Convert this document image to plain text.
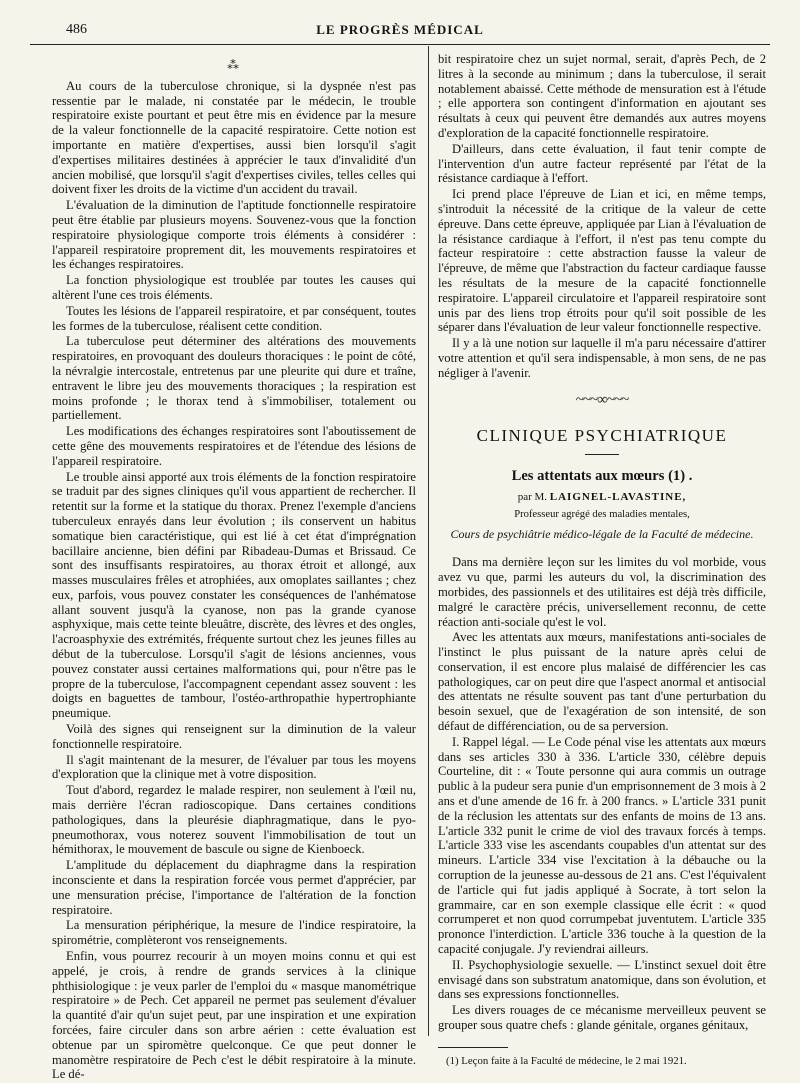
486	LE PROGRÈS MÉDICAL
⁂

Au cours de la tuberculose chronique, si la dyspnée n'est pas ressentie par le malade, ni constatée par le médecin, le trouble respiratoire existe pourtant et peut être mis en évidence par la mesure de la valeur fonctionnelle de la capacité respiratoire. Cette notion est importante en matière d'expertises, aussi bien lorsqu'il s'agit d'expertises militaires destinées à apprécier le taux d'invalidité d'un ancien mobilisé, que lorsqu'il s'agit d'expertises civiles, telles celles qui doivent fixer les droits de la victime d'un accident du travail.

L'évaluation de la diminution de l'aptitude fonctionnelle respiratoire peut être établie par plusieurs moyens. Souvenez-vous que la fonction respiratoire physiologique comporte trois éléments à considérer : l'appareil respiratoire proprement dit, les mouvements respiratoires et les échanges respiratoires.

La fonction physiologique est troublée par toutes les causes qui altèrent l'une ces trois éléments.

Toutes les lésions de l'appareil respiratoire, et par conséquent, toutes les formes de la tuberculose, réalisent cette condition.

La tuberculose peut déterminer des altérations des mouvements respiratoires, en provoquant des douleurs thoraciques : le point de côté, la névralgie intercostale, entretenus par une pleurite qui dure et traîne, entravent le libre jeu des mouvements thoraciques ; la respiration est moins profonde ; le thorax tend à s'immobiliser, totalement ou partiellement.

Les modifications des échanges respiratoires sont l'aboutissement de cette gêne des mouvements respiratoires et de l'étendue des lésions de l'appareil respiratoire.

Le trouble ainsi apporté aux trois éléments de la fonction respiratoire se traduit par des signes cliniques qu'il vous appartient de rechercher. Il retentit sur la forme et la statique du thorax. Prenez l'exemple d'anciens tuberculeux enrayés dans leur évolution ; ils conservent un habitus somatique bien caractéristique, qui est lié à cet état d'imprégnation bacillaire ancienne, bien défini par Ribadeau-Dumas et Brissaud. Ce sont des insuffisants respiratoires, au thorax étroit et allongé, aux masses musculaires frêles et atrophiées, aux omoplates saillantes ; chez eux, parfois, vous pouvez constater les conséquences de l'anhématose allant souvent jusqu'à la cyanose, non pas la grande cyanose asphyxique, mais cette teinte bleuâtre, discrète, des lèvres et des ongles, l'acroasphyxie des extrémités, fréquente surtout chez les jeunes filles au début de la tuberculose. Lorsqu'il s'agit de lésions anciennes, vous pouvez constater aussi certaines malformations qui, pour n'être pas le propre de la tuberculose, l'accompagnent cependant assez souvent : les doigts en baguettes de tambour, l'ostéo-arthropathie hypertrophiante pneumique.

Voilà des signes qui renseignent sur la diminution de la valeur fonctionnelle respiratoire.

Il s'agit maintenant de la mesurer, de l'évaluer par tous les moyens d'exploration que la clinique met à votre disposition.

Tout d'abord, regardez le malade respirer, non seulement à l'œil nu, mais derrière l'écran radioscopique. Dans certaines conditions pathologiques, dans la pleurésie diaphragmatique, dans le pyo-pneumothorax, vous noterez souvent l'immobilisation de tout un hémithorax, le mouvement de bascule ou signe de Kienboeck.

L'amplitude du déplacement du diaphragme dans la respiration inconsciente et dans la respiration forcée vous permet d'apprécier, par une mensuration précise, l'importance de l'altération de la fonction respiratoire.

La mensuration périphérique, la mesure de l'indice respiratoire, la spirométrie, complèteront vos renseignements.

Enfin, vous pourrez recourir à un moyen moins connu et qui est appelé, je crois, à rendre de grands services à la clinique phthisiologique : je veux parler de l'emploi du « masque manométrique respiratoire » de Pech. Cet appareil ne permet pas seulement d'évaluer la quantité d'air qu'un sujet peut, par une inspiration et une expiration forcées, faire circuler dans son arbre aérien : cette évaluation est obtenue par un spiromètre quelconque. Ce que peut donner le manomètre respiratoire de Pech c'est le débit respiratoire à la minute. Le dé-

bit respiratoire chez un sujet normal, serait, d'après Pech, de 2 litres à la seconde au minimum ; dans la tuberculose, il serait notablement abaissé. Cette méthode de mensuration est à l'étude ; elle apportera son contingent d'information en ajoutant ses résultats à ceux qui peuvent être demandés aux autres moyens d'exploration de la capacité fonctionnelle respiratoire.

D'ailleurs, dans cette évaluation, il faut tenir compte de l'intervention d'un autre facteur représenté par l'état de la résistance cardiaque à l'effort.

Ici prend place l'épreuve de Lian et ici, en même temps, s'introduit la nécessité de la critique de la valeur de cette épreuve. Dans cette épreuve, appliquée par Lian à l'évaluation de la résistance cardiaque à l'effort, il n'est pas tenu compte du facteur respiratoire : cette abstraction fausse la valeur de l'épreuve, de même que l'abstraction du facteur cardiaque fausse les résultats de la mesure de la capacité fonctionnelle respiratoire. L'appareil circulatoire et l'appareil respiratoire sont unis par des liens trop étroits pour qu'il soit possible de les séparer dans l'évaluation de leur valeur fonctionnelle respective.

Il y a là une notion sur laquelle il m'a paru nécessaire d'attirer votre attention et qu'il sera indispensable, à mon sens, de ne pas négliger à l'avenir.

~~~∞~~~
CLINIQUE PSYCHIATRIQUE
Les attentats aux mœurs (1) .
par M. LAIGNEL-LAVASTINE,
Professeur agrégé des maladies mentales,
Cours de psychiâtrie médico-légale de la Faculté de médecine.

Dans ma dernière leçon sur les limites du vol morbide, vous avez vu que, parmi les auteurs du vol, la discrimination des morbides, des passionnels et des utilitaires est déjà très difficile, malgré le caractère précis, universellement reconnu, de cette réaction anti-sociale qu'est le vol.

Avec les attentats aux mœurs, manifestations anti-sociales de l'instinct le plus puissant de la nature après celui de conservation, il est encore plus malaisé de différencier les cas pathologiques, car on peut dire que l'aspect anormal et antisocial des attentats ne résulte souvent pas tant d'une perturbation du besoin sexuel, que de l'exagération de son intensité, de son défaut de différenciation, ou de sa perversion.

I. Rappel légal. — Le Code pénal vise les attentats aux mœurs dans ses articles 330 à 336. L'article 330, célèbre depuis Courteline, dit : « Toute personne qui aura commis un outrage public à la pudeur sera punie d'un emprisonnement de 3 mois à 2 ans et d'une amende de 16 fr. à 200 francs. » L'article 331 punit de la réclusion les attentats sur des enfants de moins de 13 ans. L'article 332 punit le crime de viol des travaux forcés à temps. L'article 333 vise les ascendants coupables d'un attentat sur des mineurs. L'article 334 vise l'excitation à la débauche ou la corruption de la jeunesse au-dessous de 21 ans. C'est l'équivalent de l'article qui fut jadis appliqué à Socrate, à tort selon la grammaire, car en son exemple classique elle écrit : « quod corrumperet et non quod corrumpebat juventutem. L'article 335 prononce l'interdiction. L'article 336 touche à la question de la capacité conjugale. J'y reviendrai ailleurs.

II. Psychophysiologie sexuelle. — L'instinct sexuel doit être envisagé dans son substratum anatomique, dans son évolution, et dans ses expressions fonctionnelles.

Les divers rouages de ce mécanisme merveilleux peuvent se grouper sous quatre chefs : glande génitale, organes génitaux,

(1) Leçon faite à la Faculté de médecine, le 2 mai 1921.
